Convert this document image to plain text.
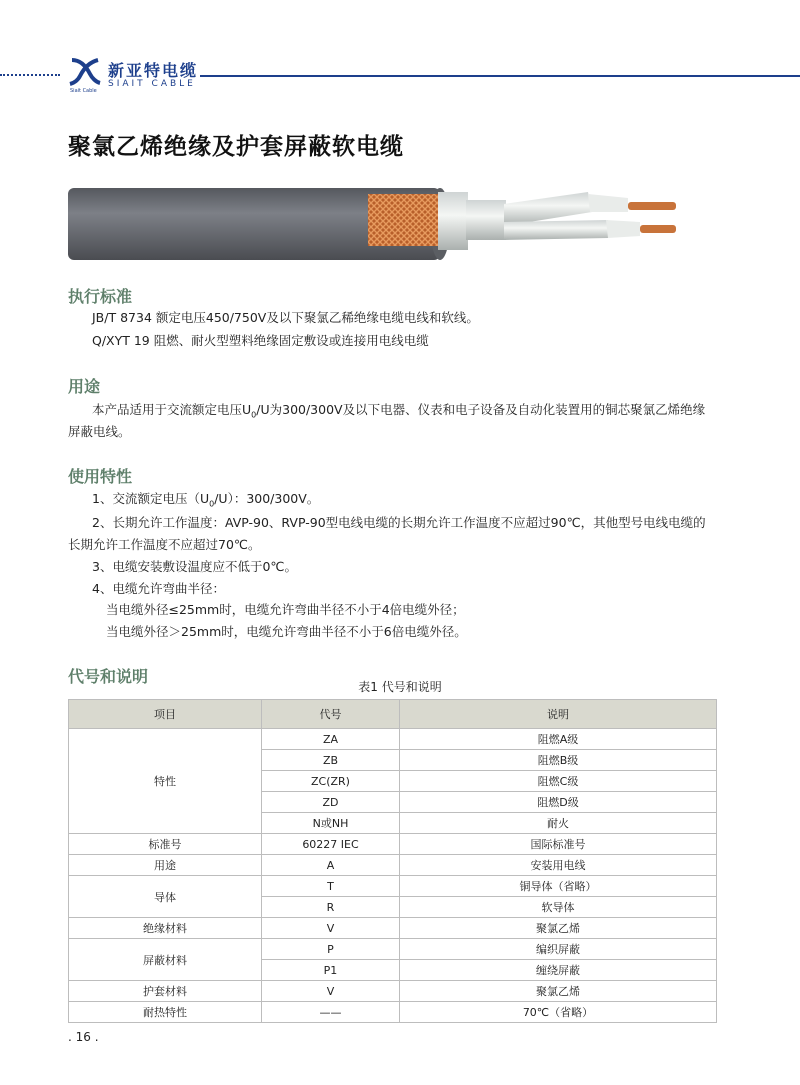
Siait Cable
新亚特电缆
SIAIT CABLE
聚氯乙烯绝缘及护套屏蔽软电缆
执行标准
JB/T 8734 额定电压450/750V及以下聚氯乙稀绝缘电缆电线和软线。
Q/XYT 19 阻燃、耐火型塑料绝缘固定敷设或连接用电线电缆
用途
本产品适用于交流额定电压$U_0/U$为300/300V及以下电器、仪表和电子设备及自动化装置用的铜芯聚氯乙烯绝缘
屏蔽电线。
使用特性
1、交流额定电压$(U_0/U)$：300/300V。
2、长期允许工作温度：AVP-90、RVP-90型电线电缆的长期允许工作温度不应超过90℃，其他型号电线电缆的
长期允许工作温度不应超过70℃。
3、电缆安装敷设温度应不低于0℃。
4、电缆允许弯曲半径：
当电缆外径≤25mm时，电缆允许弯曲半径不小于4倍电缆外径；
当电缆外径＞25mm时，电缆允许弯曲半径不小于6倍电缆外径。
代号和说明
表1 代号和说明
项目	代号	说明
特性	ZA	阻燃A级
	ZB	阻燃B级
	ZC(ZR)	阻燃C级
	ZD	阻燃D级
	N或NH	耐火
标准号	60227 IEC	国际标准号
用途	A	安装用电线
导体	T	铜导体（省略）
	R	软导体
绝缘材料	V	聚氯乙烯
屏蔽材料	P	编织屏蔽
	P1	缠绕屏蔽
护套材料	V	聚氯乙烯
耐热特性	——	70℃（省略）
. 16 .
